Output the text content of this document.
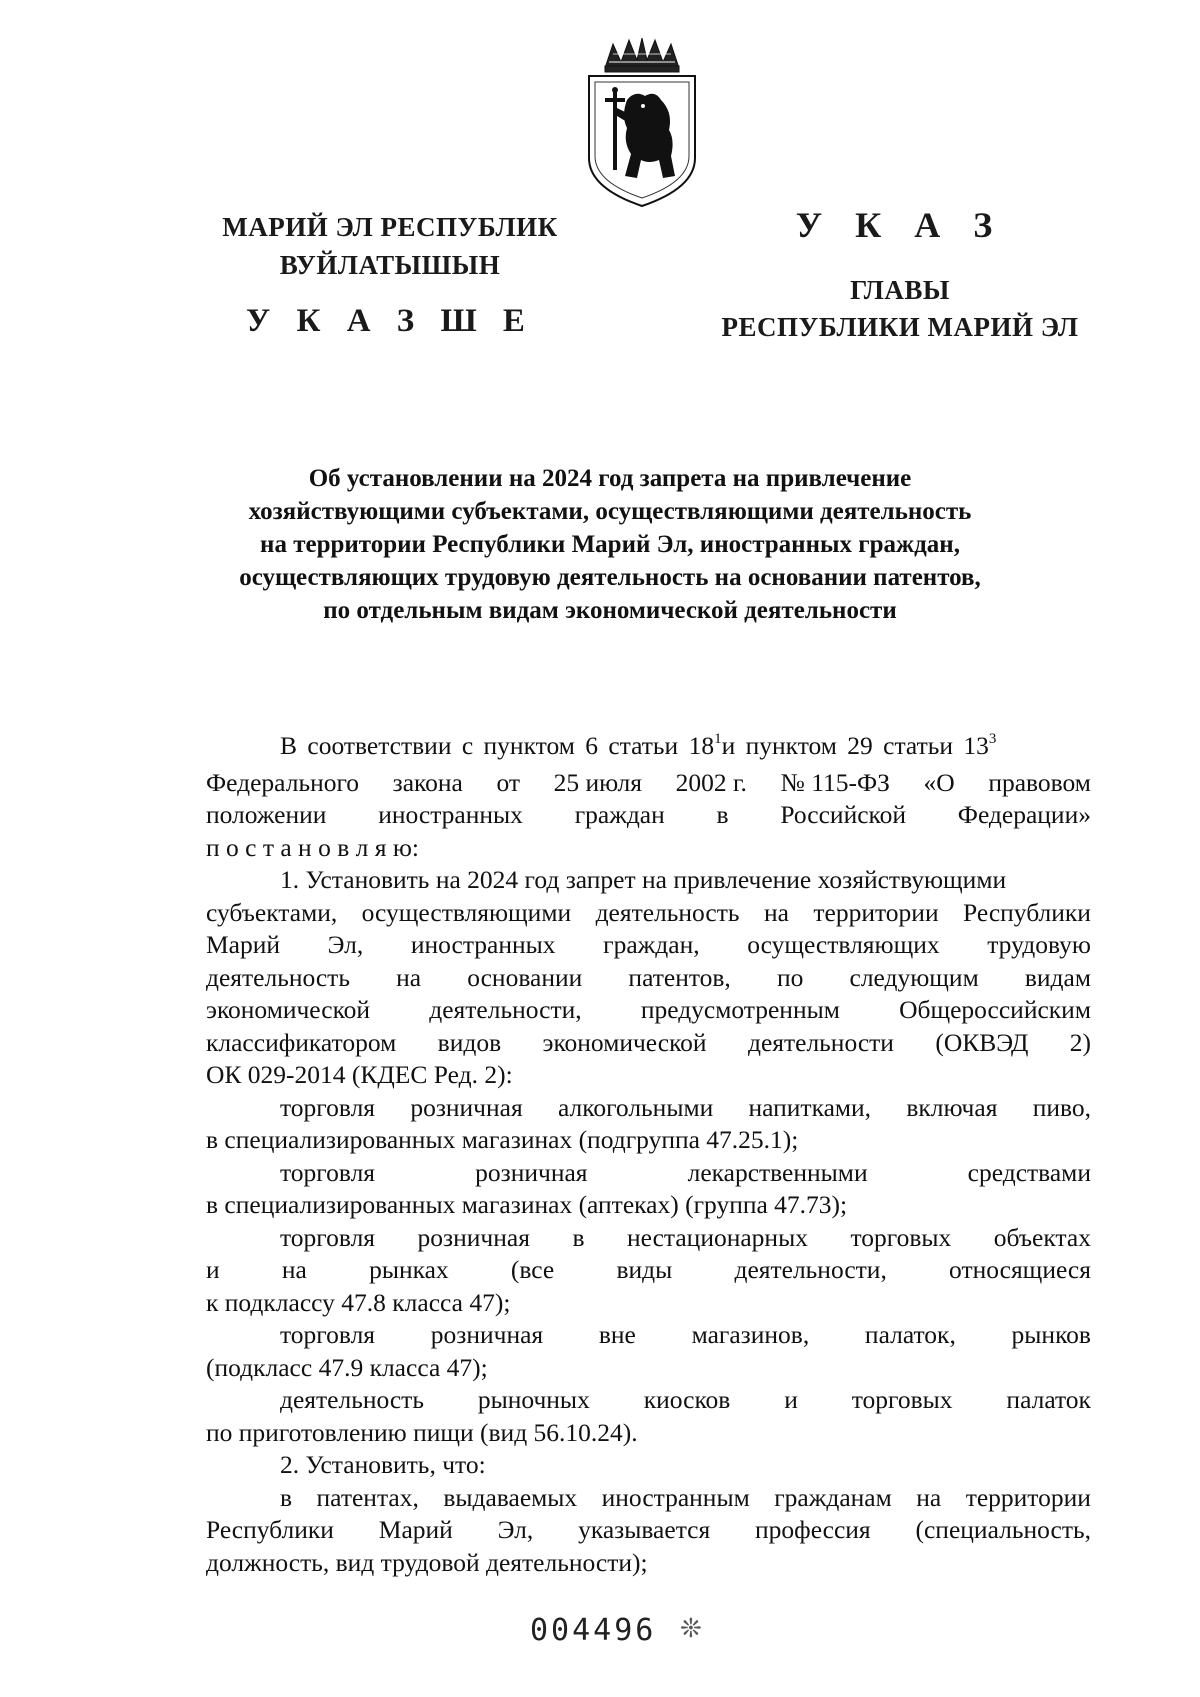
МАРИЙ ЭЛ РЕСПУБЛИК
ВУЙЛАТЫШЫН
У К А З Ш Е
У К А З
ГЛАВЫ
РЕСПУБЛИКИ МАРИЙ ЭЛ
Об установлении на 2024 год запрета на привлечение
хозяйствующими субъектами, осуществляющими деятельность
на территории Республики Марий Эл, иностранных граждан,
осуществляющих трудовую деятельность на основании патентов,
по отдельным видам экономической деятельности
В соответствии с пунктом 6 статьи $18^1и$ пунктом 29 статьи $13^3$
Федерального закона от 25 июля 2002 г. № 115-ФЗ «О правовом
положении иностранных граждан в Российской Федерации»
п о с т а н о в л я ю:
1. Установить на 2024 год запрет на привлечение хозяйствующими
субъектами, осуществляющими деятельность на территории Республики
Марий Эл, иностранных граждан, осуществляющих трудовую
деятельность на основании патентов, по следующим видам
экономической деятельности, предусмотренным Общероссийским
классификатором видов экономической деятельности (ОКВЭД 2)
ОК 029-2014 (КДЕС Ред. 2):
торговля розничная алкогольными напитками, включая пиво,
в специализированных магазинах (подгруппа 47.25.1);
торговля	розничная	лекарственными	средствами
в специализированных магазинах (аптеках) (группа 47.73);
торговля розничная в нестационарных торговых объектах
и на рынках (все виды деятельности, относящиеся
к подклассу 47.8 класса 47);
торговля розничная вне магазинов, палаток, рынков
(подкласс 47.9 класса 47);
деятельность рыночных киосков и торговых палаток
по приготовлению пищи (вид 56.10.24).
2. Установить, что:
в патентах, выдаваемых иностранным гражданам на территории
Республики Марий Эл, указывается профессия (специальность,
должность, вид трудовой деятельности);
004496 ❊
